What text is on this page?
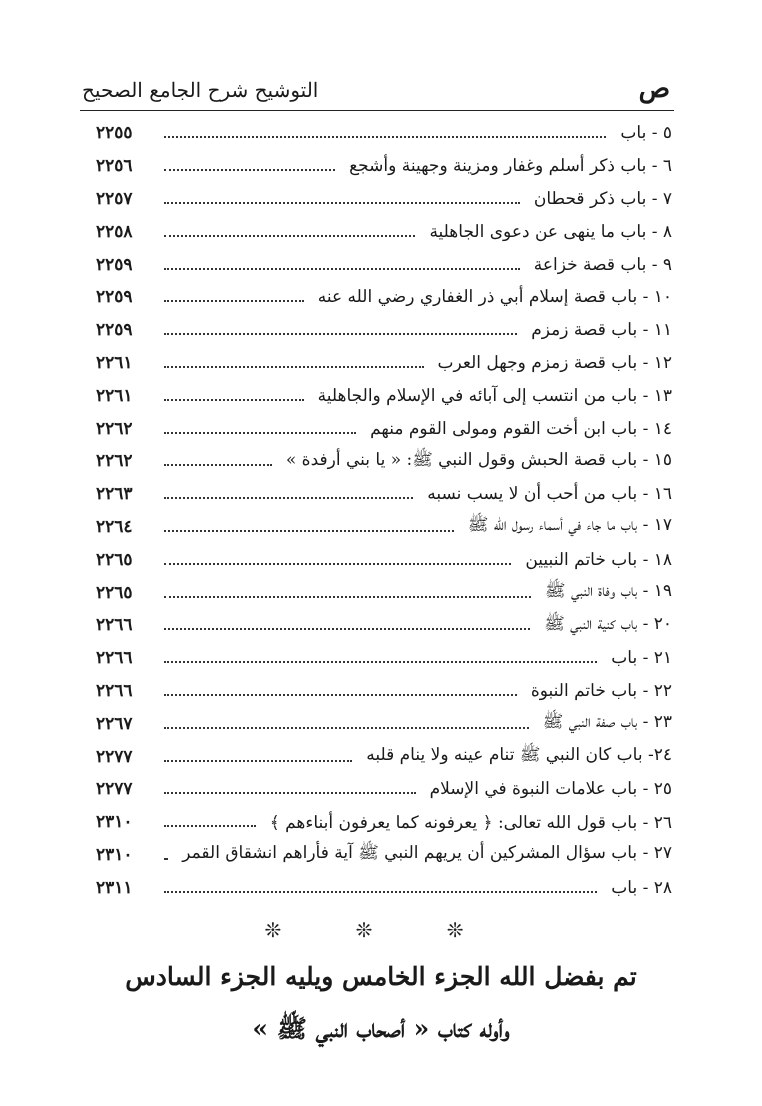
ص
التوشيح شرح الجامع الصحيح
٥ - باب
٢٢٥٥
٦ - باب ذكر أسلم وغفار ومزينة وجهينة وأشجع
٢٢٥٦
٧ - باب ذكر قحطان
٢٢٥٧
٨ - باب ما ينهى عن دعوى الجاهلية
٢٢٥٨
٩ - باب قصة خزاعة
٢٢٥٩
١٠ - باب قصة إسلام أبي ذر الغفاري رضي الله عنه
٢٢٥٩
١١ - باب قصة زمزم
٢٢٥٩
١٢ - باب قصة زمزم وجهل العرب
٢٢٦١
١٣ - باب من انتسب إلى آبائه في الإسلام والجاهلية
٢٢٦١
١٤ - باب ابن أخت القوم ومولى القوم منهم
٢٢٦٢
١٥ - باب قصة الحبش وقول النبي ﷺ: « يا بني أرفدة »
٢٢٦٢
١٦ - باب من أحب أن لا يسب نسبه
٢٢٦٣
١٧ - باب ما جاء في أسماء رسول الله ﷺ
٢٢٦٤
١٨ - باب خاتم النبيين
٢٢٦٥
١٩ - باب وفاة النبي ﷺ
٢٢٦٥
٢٠ - باب كنية النبي ﷺ
٢٢٦٦
٢١ - باب
٢٢٦٦
٢٢ - باب خاتم النبوة
٢٢٦٦
٢٣ - باب صفة النبي ﷺ
٢٢٦٧
٢٤- باب كان النبي ﷺ تنام عينه ولا ينام قلبه
٢٢٧٧
٢٥ - باب علامات النبوة في الإسلام
٢٢٧٧
٢٦ - باب قول الله تعالى: ﴿ يعرفونه كما يعرفون أبناءهم ﴾
٢٣١٠
٢٧ - باب سؤال المشركين أن يريهم النبي ﷺ آية فأراهم انشقاق القمر
٢٣١٠
٢٨ - باب
٢٣١١
❊ ❊ ❊
تم بفضل الله الجزء الخامس ويليه الجزء السادس
وأوله كتاب « أصحاب النبي ﷺ »
